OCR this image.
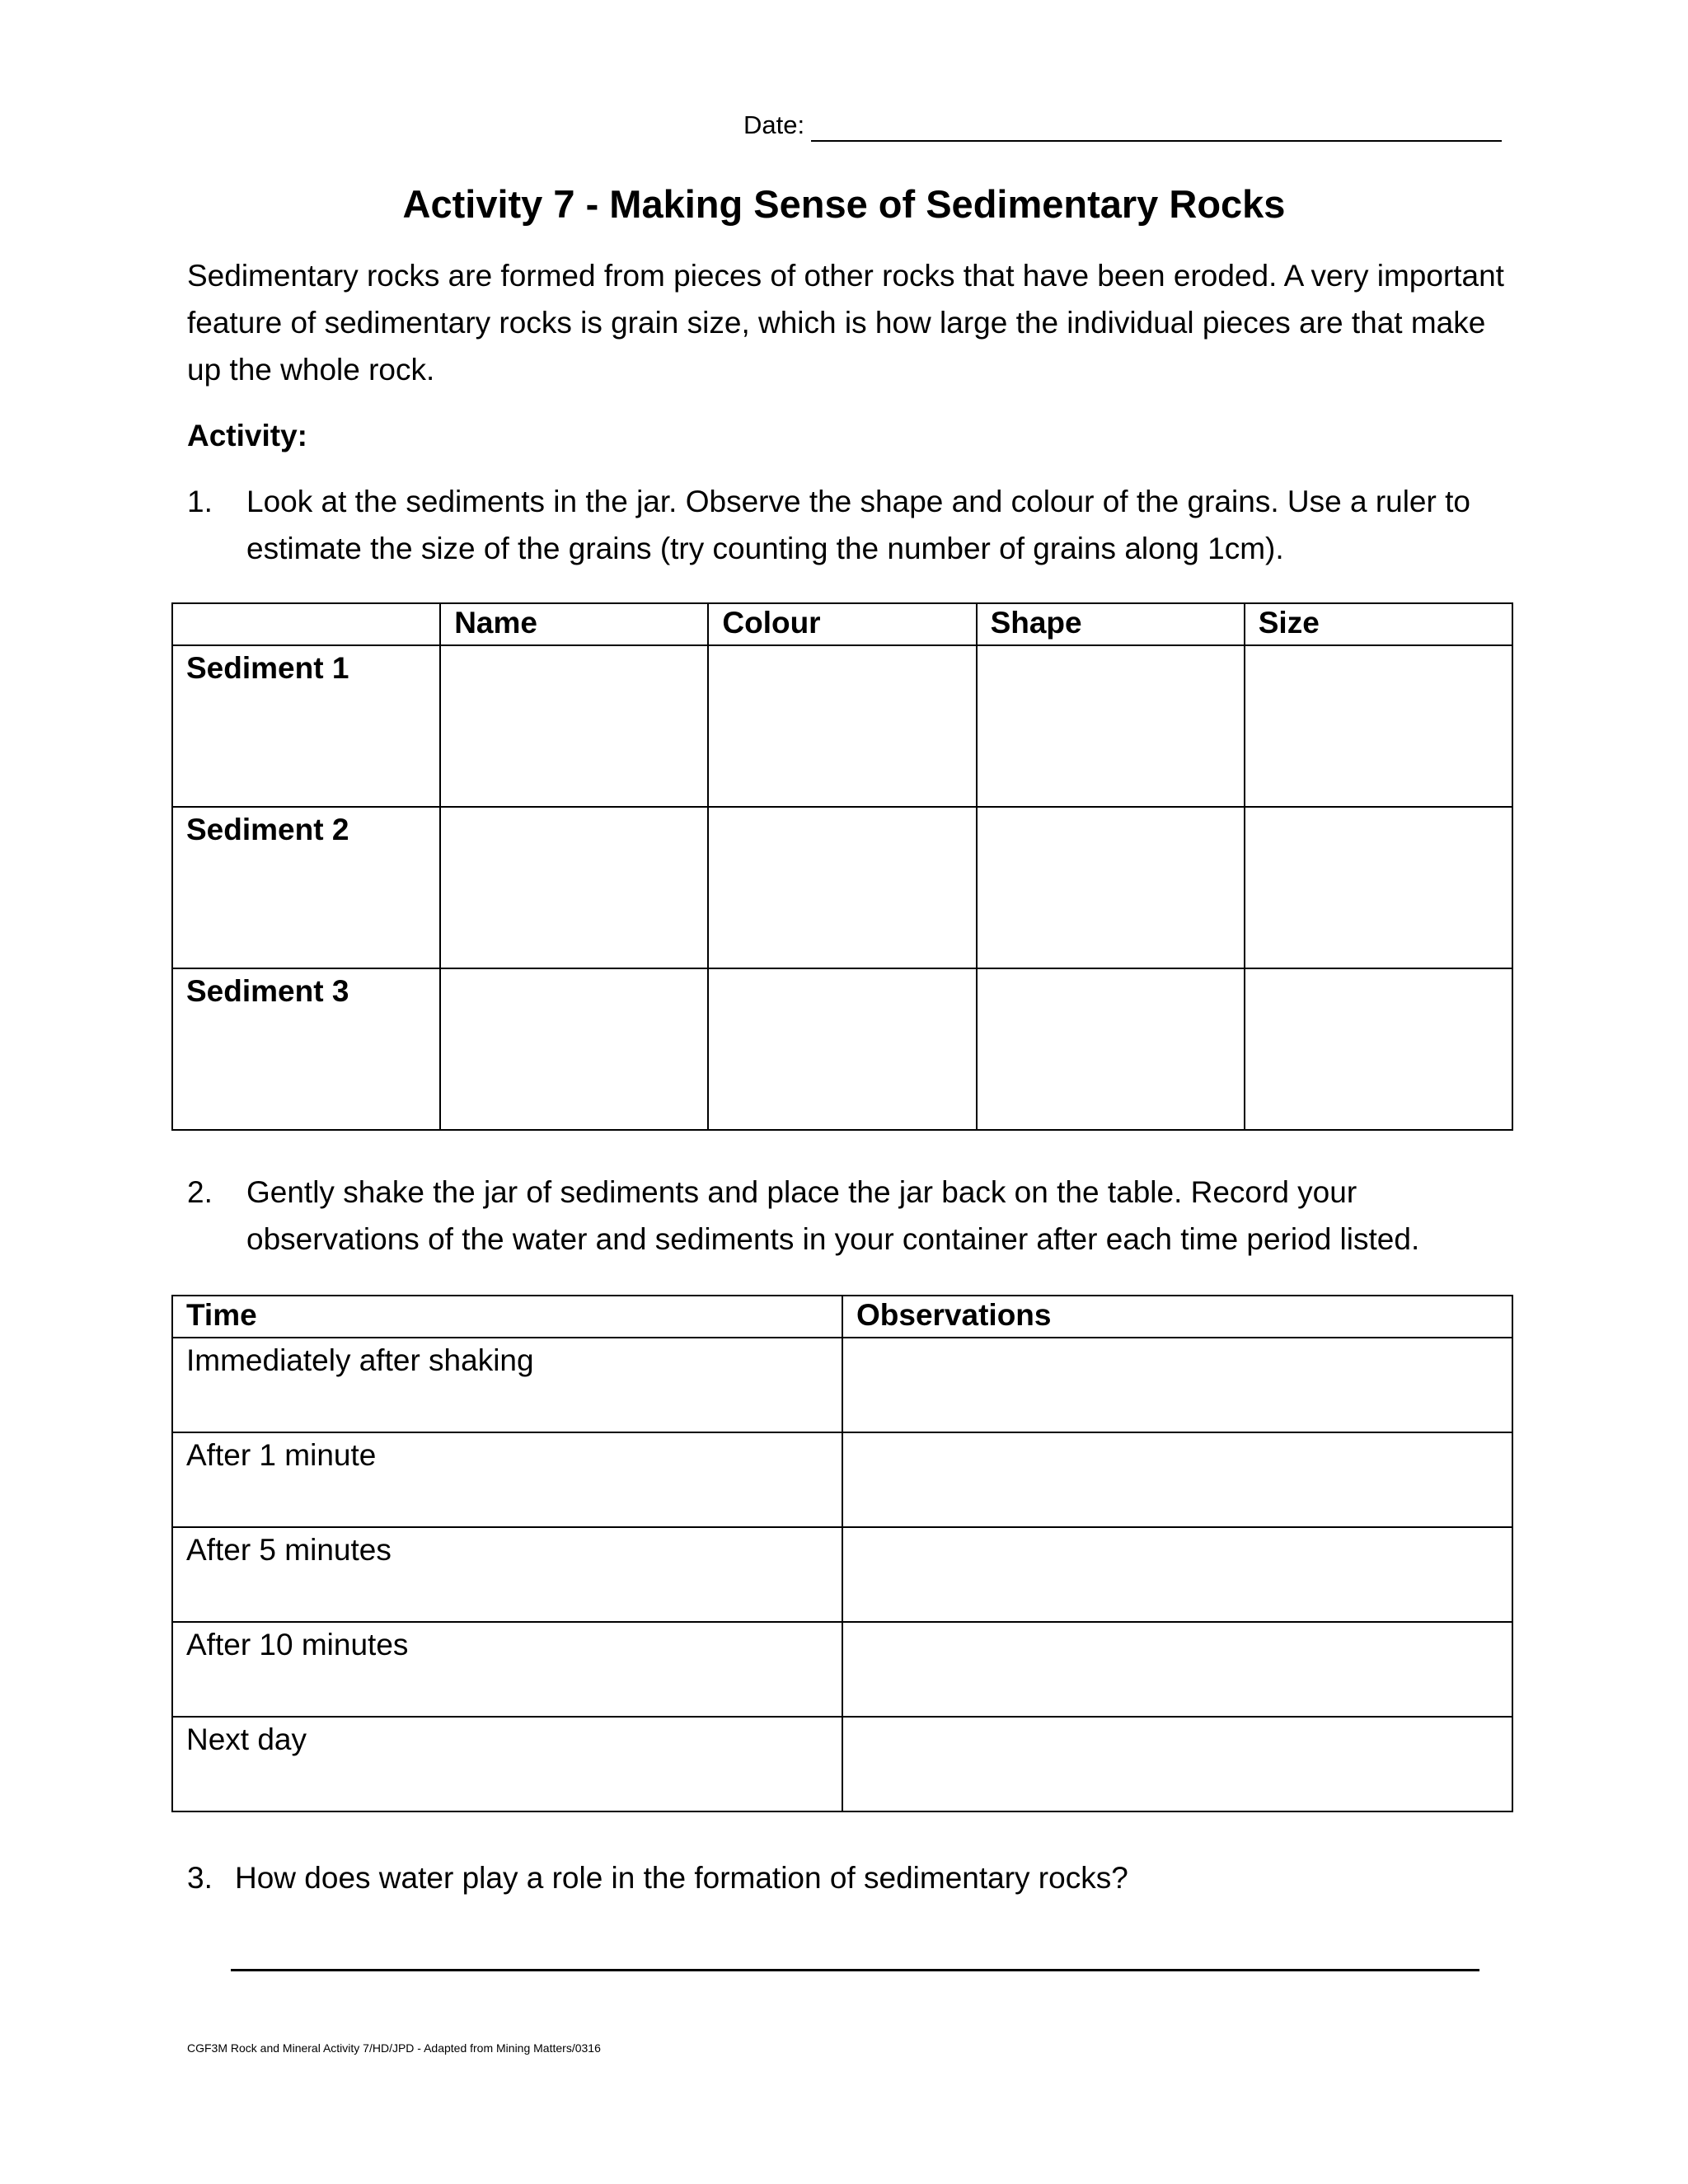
Date:
Activity 7 - Making Sense of Sedimentary Rocks
Sedimentary rocks are formed from pieces of other rocks that have been eroded. A very important feature of sedimentary rocks is grain size, which is how large the individual pieces are that make up the whole rock.
Activity:
1. Look at the sediments in the jar. Observe the shape and colour of the grains. Use a ruler to estimate the size of the grains (try counting the number of grains along 1cm).
	Name	Colour	Shape	Size
Sediment 1				
Sediment 2				
Sediment 3				
2. Gently shake the jar of sediments and place the jar back on the table. Record your observations of the water and sediments in your container after each time period listed.
Time	Observations
Immediately after shaking	
After 1 minute	
After 5 minutes	
After 10 minutes	
Next day	
3. How does water play a role in the formation of sedimentary rocks?
CGF3M Rock and Mineral Activity 7/HD/JPD - Adapted from Mining Matters/0316
